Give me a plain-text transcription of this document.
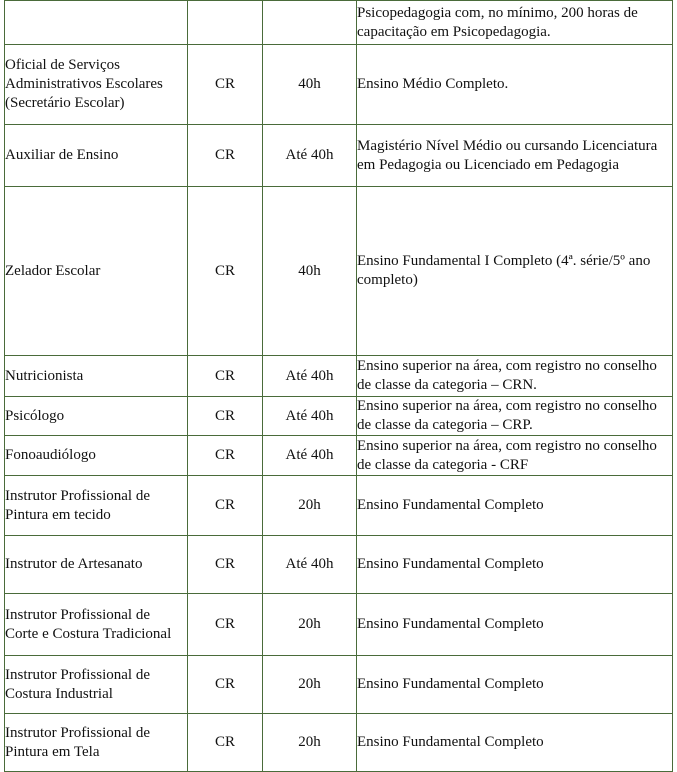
			Psicopedagogia com, no mínimo, 200 horas de capacitação em Psicopedagogia.
Oficial de Serviços Administrativos Escolares (Secretário Escolar)	CR	40h	Ensino Médio Completo.
Auxiliar de Ensino	CR	Até 40h	Magistério Nível Médio ou cursando Licenciatura em Pedagogia ou Licenciado em Pedagogia
Zelador Escolar	CR	40h	Ensino Fundamental I Completo (4ª. série/5º ano completo)
Nutricionista	CR	Até 40h	Ensino superior na área, com registro no conselho de classe da categoria – CRN.
Psicólogo	CR	Até 40h	Ensino superior na área, com registro no conselho de classe da categoria – CRP.
Fonoaudiólogo	CR	Até 40h	Ensino superior na área, com registro no conselho de classe da categoria - CRF
Instrutor Profissional de Pintura em tecido	CR	20h	Ensino Fundamental Completo
Instrutor de Artesanato	CR	Até 40h	Ensino Fundamental Completo
Instrutor Profissional de Corte e Costura Tradicional	CR	20h	Ensino Fundamental Completo
Instrutor Profissional de Costura Industrial	CR	20h	Ensino Fundamental Completo
Instrutor Profissional de Pintura em Tela	CR	20h	Ensino Fundamental Completo
